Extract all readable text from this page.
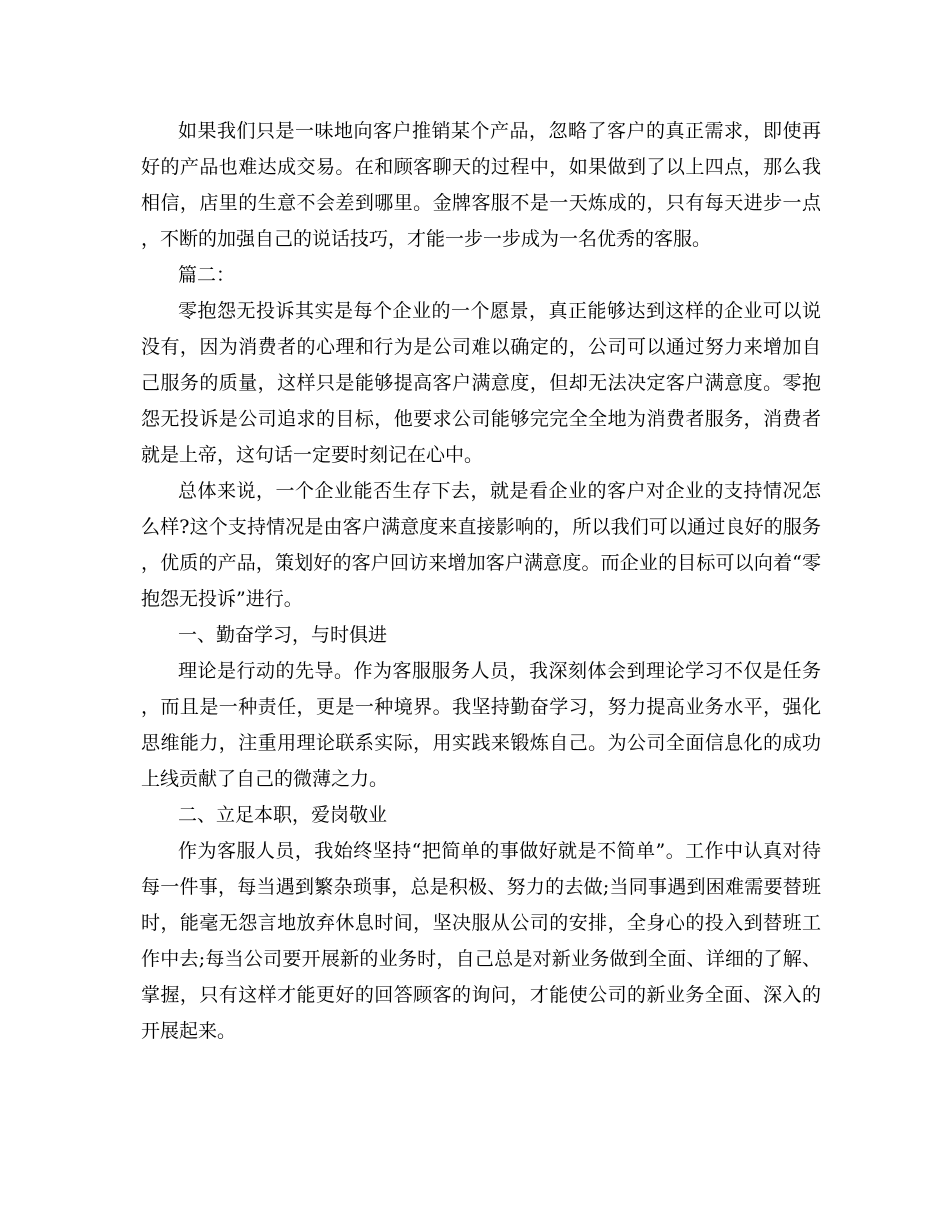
如果我们只是一味地向客户推销某个产品，忽略了客户的真正需求，即使再好的产品也难达成交易。在和顾客聊天的过程中，如果做到了以上四点，那么我相信，店里的生意不会差到哪里。金牌客服不是一天炼成的，只有每天进步一点，不断的加强自己的说话技巧，才能一步一步成为一名优秀的客服。

篇二：

零抱怨无投诉其实是每个企业的一个愿景，真正能够达到这样的企业可以说没有，因为消费者的心理和行为是公司难以确定的，公司可以通过努力来增加自己服务的质量，这样只是能够提高客户满意度，但却无法决定客户满意度。零抱怨无投诉是公司追求的目标，他要求公司能够完完全全地为消费者服务，消费者就是上帝，这句话一定要时刻记在心中。

总体来说，一个企业能否生存下去，就是看企业的客户对企业的支持情况怎么样?这个支持情况是由客户满意度来直接影响的，所以我们可以通过良好的服务，优质的产品，策划好的客户回访来增加客户满意度。而企业的目标可以向着“零抱怨无投诉”进行。

一、勤奋学习，与时俱进

理论是行动的先导。作为客服服务人员，我深刻体会到理论学习不仅是任务，而且是一种责任，更是一种境界。我坚持勤奋学习，努力提高业务水平，强化思维能力，注重用理论联系实际，用实践来锻炼自己。为公司全面信息化的成功上线贡献了自己的微薄之力。

二、立足本职，爱岗敬业

作为客服人员，我始终坚持“把简单的事做好就是不简单”。工作中认真对待每一件事，每当遇到繁杂琐事，总是积极、努力的去做;当同事遇到困难需要替班时，能毫无怨言地放弃休息时间，坚决服从公司的安排，全身心的投入到替班工作中去;每当公司要开展新的业务时，自己总是对新业务做到全面、详细的了解、掌握，只有这样才能更好的回答顾客的询问，才能使公司的新业务全面、深入的开展起来。
